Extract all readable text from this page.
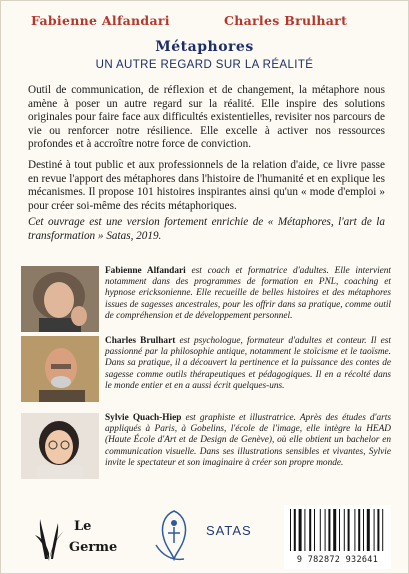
Fabienne Alfandari	Charles Brulhart
Métaphores
UN AUTRE REGARD SUR LA RÉALITÉ

Outil de communication, de réflexion et de changement, la métaphore nous amène à poser un autre regard sur la réalité. Elle inspire des solutions originales pour faire face aux difficultés existentielles, revisiter nos parcours de vie ou renforcer notre résilience. Elle excelle à activer nos ressources profondes et à accroître notre force de conviction.

Destiné à tout public et aux professionnels de la relation d'aide, ce livre passe en revue l'apport des métaphores dans l'histoire de l'humanité et en explique les mécanismes. Il propose 101 histoires inspirantes ainsi qu'un « mode d'emploi » pour créer soi-même des récits métaphoriques.

Cet ouvrage est une version fortement enrichie de « Métaphores, l'art de la transformation » Satas, 2019.

Fabienne Alfandari est coach et formatrice d'adultes. Elle intervient notamment dans des programmes de formation en PNL, coaching et hypnose ericksonienne. Elle recueille de belles histoires et des métaphores issues de sagesses ancestrales, pour les offrir dans sa pratique, comme outil de compréhension et de développement personnel.

Charles Brulhart est psychologue, formateur d'adultes et conteur. Il est passionné par la philosophie antique, notamment le stoïcisme et le taoïsme. Dans sa pratique, il a découvert la pertinence et la puissance des contes de sagesse comme outils thérapeutiques et pédagogiques. Il en a récolté dans le monde entier et en a aussi écrit quelques-uns.

Sylvie Quach-Hiep est graphiste et illustratrice. Après des études d'arts appliqués à Paris, à Gobelins, l'école de l'image, elle intègre la HEAD (Haute École d'Art et de Design de Genève), où elle obtient un bachelor en communication visuelle. Dans ses illustrations sensibles et vivantes, Sylvie invite le spectateur et son imaginaire à créer son propre monde.

Le
Germe
SATAS
9 782872 932641
